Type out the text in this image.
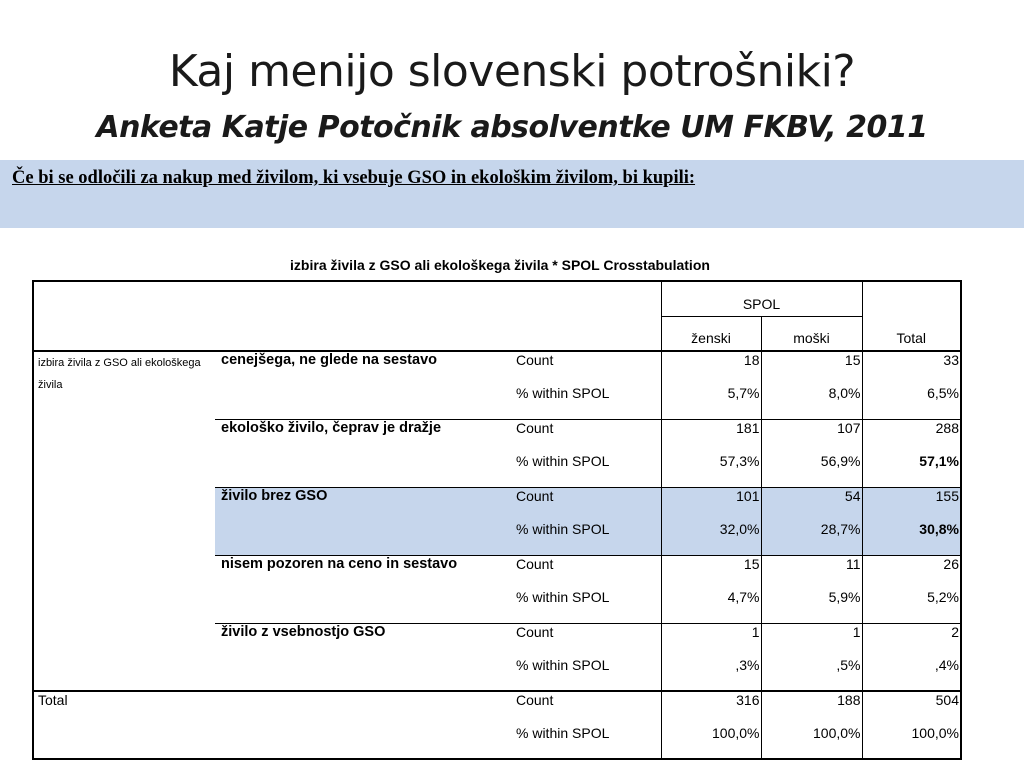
Kaj menijo slovenski potrošniki?
Anketa Katje Potočnik absolventke UM FKBV, 2011
Če bi se odločili za nakup med živilom, ki vsebuje GSO in ekološkim živilom, bi kupili:
izbira živila z GSO ali ekološkega živila * SPOL Crosstabulation
			SPOL		Total
			ženski	moški	
izbira živila z GSO ali ekološkega živila	cenejšega, ne glede na sestavo	Count	18	15	33
		% within SPOL	5,7%	8,0%	6,5%
	ekološko živilo, čeprav je dražje	Count	181	107	288
		% within SPOL	57,3%	56,9%	57,1%
	živilo brez GSO	Count	101	54	155
		% within SPOL	32,0%	28,7%	30,8%
	nisem pozoren na ceno in sestavo	Count	15	11	26
		% within SPOL	4,7%	5,9%	5,2%
	živilo z vsebnostjo GSO	Count	1	1	2
		% within SPOL	,3%	,5%	,4%
Total		Count	316	188	504
		% within SPOL	100,0%	100,0%	100,0%
